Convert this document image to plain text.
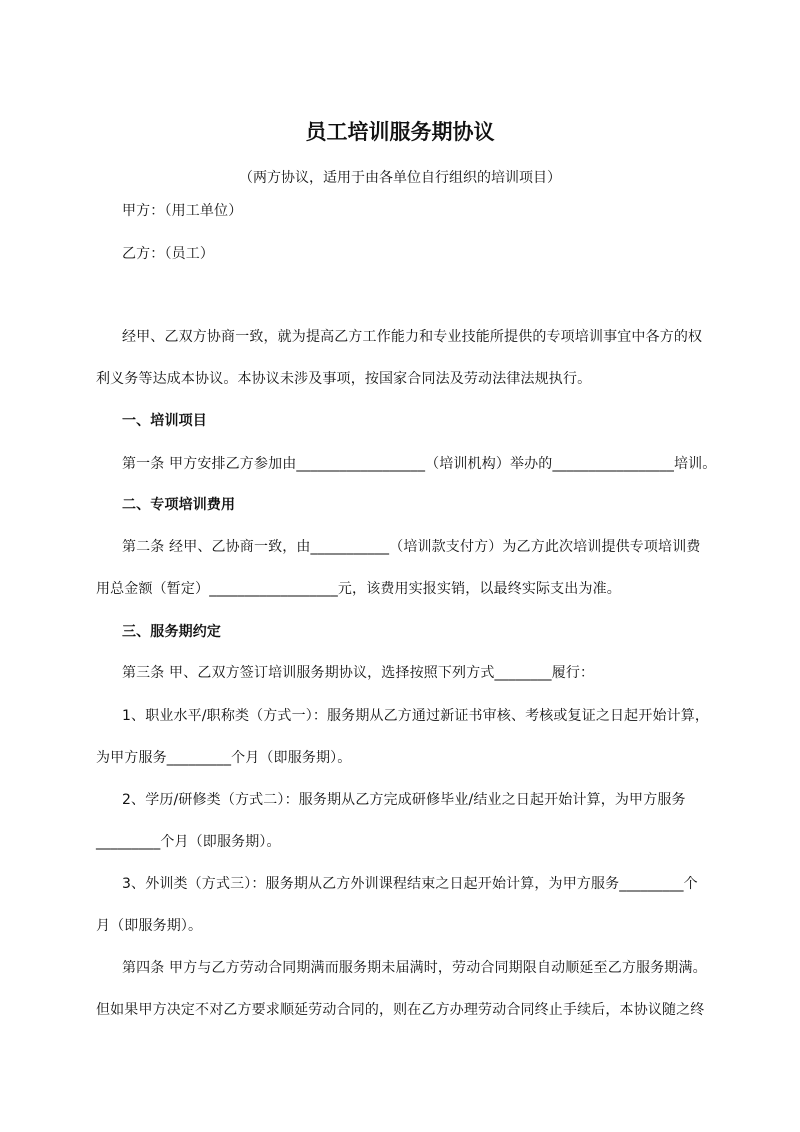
员工培训服务期协议
（两方协议，适用于由各单位自行组织的培训项目）
甲方：（用工单位）
乙方：（员工）
经甲、乙双方协商一致，就为提高乙方工作能力和专业技能所提供的专项培训事宜中各方的权
利义务等达成本协议。本协议未涉及事项，按国家合同法及劳动法律法规执行。
一、培训项目
第一条 甲方安排乙方参加由__________________（培训机构）举办的_________________培训。
二、专项培训费用
第二条 经甲、乙协商一致，由___________（培训款支付方）为乙方此次培训提供专项培训费
用总金额（暂定）__________________元，该费用实报实销，以最终实际支出为准。
三、服务期约定
第三条 甲、乙双方签订培训服务期协议，选择按照下列方式________履行：
1、职业水平/职称类（方式一）：服务期从乙方通过新证书审核、考核或复证之日起开始计算，
为甲方服务_________个月（即服务期）。
2、学历/研修类（方式二）：服务期从乙方完成研修毕业/结业之日起开始计算，为甲方服务
_________个月（即服务期）。
3、外训类（方式三）：服务期从乙方外训课程结束之日起开始计算，为甲方服务_________个
月（即服务期）。
第四条 甲方与乙方劳动合同期满而服务期未届满时，劳动合同期限自动顺延至乙方服务期满。
但如果甲方决定不对乙方要求顺延劳动合同的，则在乙方办理劳动合同终止手续后，本协议随之终
